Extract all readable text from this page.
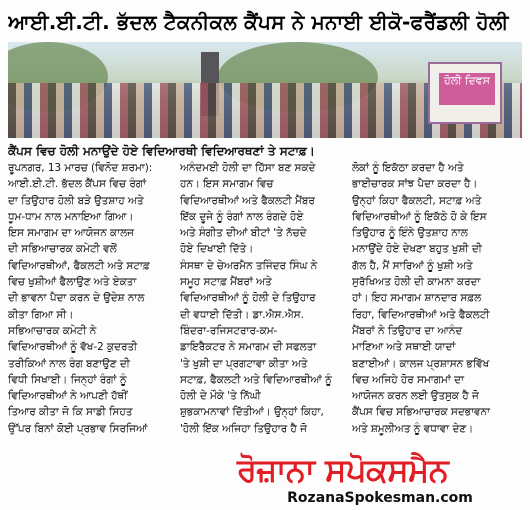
ਆਈ.ਈ.ਟੀ. ਭੱਦਲ ਟੈਕਨੀਕਲ ਕੈਂਪਸ ਨੇ ਮਨਾਈ ਈਕੋ-ਫਰੈਂਡਲੀ ਹੋਲੀ
ਹੋਲੀ ਦਿਵਸ
ਕੈਂਪਸ ਵਿਚ ਹੋਲੀ ਮਨਾਉਂਦੇ ਹੋਏ ਵਿਦਿਆਰਥੀ ਵਿਦਿਆਰਥਣਾਂ ਤੇ ਸਟਾਫ਼।

ਰੂਪਨਗਰ, 13 ਮਾਰਚ (ਵਿਨੋਦ ਸ਼ਰਮਾ):

ਆਈ.ਈ.ਟੀ. ਭੱਦਲ ਕੈਂਪਸ ਵਿਚ ਰੰਗਾਂ

ਦਾ ਤਿਉਹਾਰ ਹੋਲੀ ਬੜੇ ਉਤਸ਼ਾਹ ਅਤੇ

ਧੂਮ-ਧਾਮ ਨਾਲ ਮਨਾਇਆ ਗਿਆ।

ਇਸ ਸਮਾਗਮ ਦਾ ਆਯੋਜਨ ਕਾਲਜ

ਦੀ ਸਭਿਆਚਾਰਕ ਕਮੇਟੀ ਵਲੋਂ

ਵਿਦਿਆਰਥੀਆਂ, ਫੈਕਲਟੀ ਅਤੇ ਸਟਾਫ਼

ਵਿਚ ਖੁਸ਼ੀਆਂ ਫੈਲਾਉਣ ਅਤੇ ਏਕਤਾ

ਦੀ ਭਾਵਨਾ ਪੈਦਾ ਕਰਨ ਦੇ ਉਦੇਸ਼ ਨਾਲ

ਕੀਤਾ ਗਿਆ ਸੀ।

ਸਭਿਆਚਾਰਕ ਕਮੇਟੀ ਨੇ

ਵਿਦਿਆਰਥੀਆਂ ਨੂੰ ਵੱਖ-2 ਕੁਦਰਤੀ

ਤਰੀਕਿਆਂ ਨਾਲ ਰੰਗ ਬਣਾਉਣ ਦੀ

ਵਿਧੀ ਸਿਖਾਈ। ਜਿਨ੍ਹਾਂ ਰੰਗਾਂ ਨੂੰ

ਵਿਦਿਆਰਥੀਆਂ ਨੇ ਆਪਣੀ ਹੱਥੀਂ

ਤਿਆਰ ਕੀਤਾ ਜੋ ਕਿ ਸਾਡੀ ਸਿਹਤ

ਉੱਪਰ ਬਿਨਾਂ ਕੋਈ ਪ੍ਰਭਾਵ ਸਿਰਜਿਆਂ

ਅਨੰਦਮਈ ਹੋਲੀ ਦਾ ਹਿੱਸਾ ਬਣ ਸਕਦੇ

ਹਨ। ਇਸ ਸਮਾਗਮ ਵਿਚ

ਵਿਦਿਆਰਥੀਆਂ ਅਤੇ ਫੈਕਲਟੀ ਮੈਂਬਰ

ਇੱਕ ਦੂਜੇ ਨੂੰ ਰੰਗਾਂ ਨਾਲ ਰੰਗਦੇ ਹੋਏ

ਅਤੇ ਸੰਗੀਤ ਦੀਆਂ ਬੀਟਾਂ 'ਤੇ ਨੱਚਦੇ

ਹੋਏ ਦਿਖਾਈ ਦਿੱਤੇ।

ਸੰਸਥਾ ਦੇ ਚੇਅਰਮੈਨ ਤਜਿੰਦਰ ਸਿੰਘ ਨੇ

ਸਮੂਹ ਸਟਾਫ਼ ਮੈਂਬਰਾਂ ਅਤੇ

ਵਿਦਿਆਰਥੀਆਂ ਨੂੰ ਹੋਲੀ ਦੇ ਤਿਉਹਾਰ

ਦੀ ਵਧਾਈ ਦਿੱਤੀ। ਡਾ.ਐਸ.ਐਸ.

ਬਿੰਦਰਾ-ਰਜਿਸਟਰਾਰ-ਕਮ-

ਡਾਇਰੈਕਟਰ ਨੇ ਸਮਾਗਮ ਦੀ ਸਫਲਤਾ

'ਤੇ ਖੁਸ਼ੀ ਦਾ ਪ੍ਰਗਟਾਵਾ ਕੀਤਾ ਅਤੇ

ਸਟਾਫ਼, ਫੈਕਲਟੀ ਅਤੇ ਵਿਦਿਆਰਥੀਆਂ ਨੂੰ

ਹੋਲੀ ਦੇ ਮੌਕੇ 'ਤੇ ਨਿੱਘੀ

ਸ਼ੁਭਕਾਮਨਾਵਾਂ ਦਿੱਤੀਆਂ। ਉਨ੍ਹਾਂ ਕਿਹਾ,

'ਹੋਲੀ ਇੱਕ ਅਜਿਹਾ ਤਿਉਹਾਰ ਹੈ ਜੋ

ਲੋਕਾਂ ਨੂੰ ਇਕੱਠਾ ਕਰਦਾ ਹੈ ਅਤੇ

ਭਾਈਚਾਰਕ ਸਾਂਝ ਪੈਦਾ ਕਰਦਾ ਹੈ।

ਉਨ੍ਹਾਂ ਕਿਹਾ ਫੈਕਲਟੀ, ਸਟਾਫ਼ ਅਤੇ

ਵਿਦਿਆਰਥੀਆਂ ਨੂੰ ਇਕੱਠੇ ਹੋ ਕੇ ਇਸ

ਤਿਉਹਾਰ ਨੂੰ ਇੰਨੇ ਉਤਸ਼ਾਹ ਨਾਲ

ਮਨਾਉਂਦੇ ਹੋਏ ਦੇਖਣਾ ਬਹੁਤ ਖੁਸ਼ੀ ਦੀ

ਗੱਲ ਹੈ, ਮੈਂ ਸਾਰਿਆਂ ਨੂੰ ਖੁਸ਼ੀ ਅਤੇ

ਸੁਰੱਖਿਅਤ ਹੋਲੀ ਦੀ ਕਾਮਨਾ ਕਰਦਾ

ਹਾਂ। ਇਹ ਸਮਾਗਮ ਸ਼ਾਨਦਾਰ ਸਫ਼ਲ

ਰਿਹਾ, ਵਿਦਿਆਰਥੀਆਂ ਅਤੇ ਫੈਕਲਟੀ

ਮੈਂਬਰਾਂ ਨੇ ਤਿਉਹਾਰ ਦਾ ਆਨੰਦ

ਮਾਣਿਆ ਅਤੇ ਸਥਾਈ ਯਾਦਾਂ

ਬਣਾਈਆਂ। ਕਾਲਜ ਪ੍ਰਸ਼ਾਸਨ ਭਵਿੱਖ

ਵਿਚ ਅਜਿਹੇ ਹੋਰ ਸਮਾਗਮਾਂ ਦਾ

ਆਯੋਜਨ ਕਰਨ ਲਈ ਉਤਸੁਕ ਹੈ ਜੋ

ਕੈਂਪਸ ਵਿਚ ਸਭਿਆਚਾਰਕ ਸਦਭਾਵਨਾ

ਅਤੇ ਸ਼ਮੂਲੀਅਤ ਨੂੰ ਵਧਾਵਾ ਦੇਣ।

ਰੋਜ਼ਾਨਾ ਸਪੋਕਸਮੈਨ
RozanaSpokesman.com
